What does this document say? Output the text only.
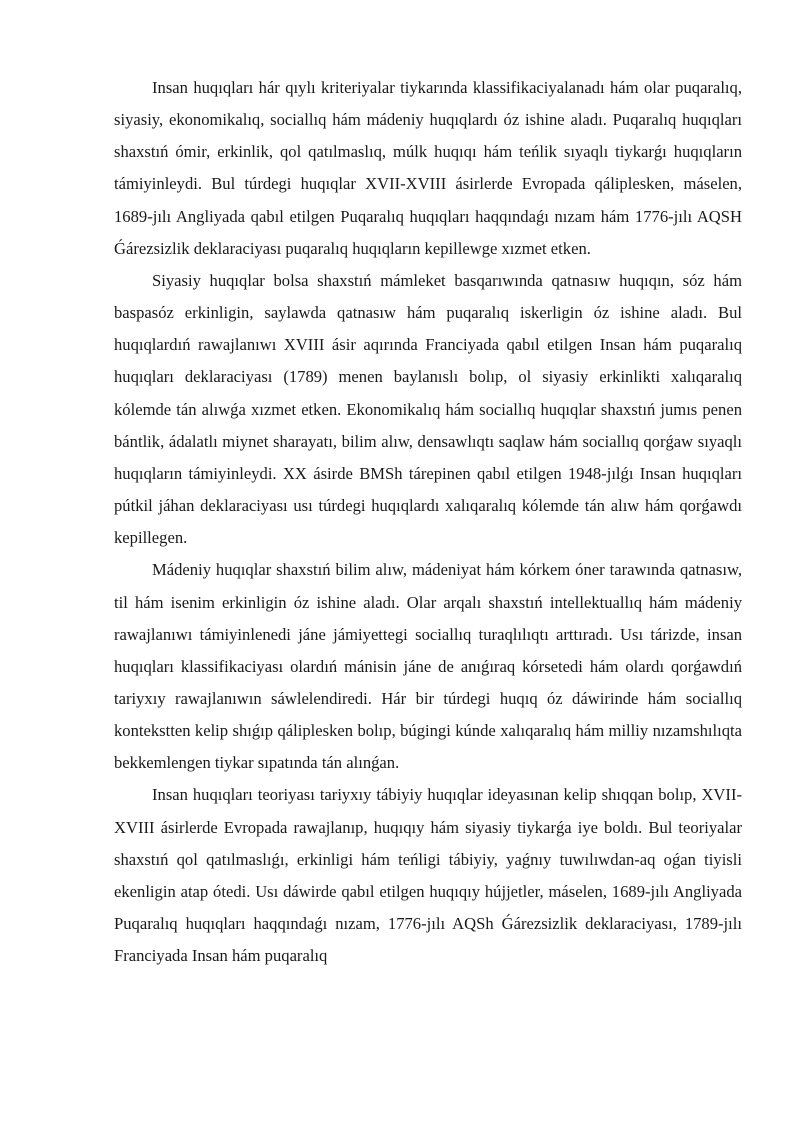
Insan huqıqları hár qıylı kriteriyalar tiykarında klassifikaciyalanadı hám olar puqaralıq, siyasiy, ekonomikalıq, sociallıq hám mádeniy huqıqlardı óz ishine aladı. Puqaralıq huqıqları shaxstıń ómir, erkinlik, qol qatılmaslıq, múlk huqıqı hám teńlik sıyaqlı tiykarǵı huqıqların támiyinleydi. Bul túrdegi huqıqlar XVII-XVIII ásirlerde Evropada qáliplesken, máselen, 1689-jılı Angliyada qabıl etilgen Puqaralıq huqıqları haqqındaǵı nızam hám 1776-jılı AQSH Ǵárezsizlik deklaraciyası puqaralıq huqıqların kepillewge xızmet etken.

Siyasiy huqıqlar bolsa shaxstıń mámleket basqarıwında qatnasıw huqıqın, sóz hám baspasóz erkinligin, saylawda qatnasıw hám puqaralıq iskerligin óz ishine aladı. Bul huqıqlardıń rawajlanıwı XVIII ásir aqırında Franciyada qabıl etilgen Insan hám puqaralıq huqıqları deklaraciyası (1789) menen baylanıslı bolıp, ol siyasiy erkinlikti xalıqaralıq kólemde tán alıwǵa xızmet etken. Ekonomikalıq hám sociallıq huqıqlar shaxstıń jumıs penen bántlik, ádalatlı miynet sharayatı, bilim alıw, densawlıqtı saqlaw hám sociallıq qorǵaw sıyaqlı huqıqların támiyinleydi. XX ásirde BMSh tárepinen qabıl etilgen 1948-jılǵı Insan huqıqları pútkil jáhan deklaraciyası usı túrdegi huqıqlardı xalıqaralıq kólemde tán alıw hám qorǵawdı kepillegen.

Mádeniy huqıqlar shaxstıń bilim alıw, mádeniyat hám kórkem óner tarawında qatnasıw, til hám isenim erkinligin óz ishine aladı. Olar arqalı shaxstıń intellektuallıq hám mádeniy rawajlanıwı támiyinlenedi jáne jámiyettegi sociallıq turaqlılıqtı arttıradı. Usı tárizde, insan huqıqları klassifikaciyası olardıń mánisin jáne de anıǵıraq kórsetedi hám olardı qorǵawdıń tariyxıy rawajlanıwın sáwlelendiredi. Hár bir túrdegi huqıq óz dáwirinde hám sociallıq kontekstten kelip shıǵıp qáliplesken bolıp, búgingi kúnde xalıqaralıq hám milliy nızamshılıqta bekkemlengen tiykar sıpatında tán alınǵan.

Insan huqıqları teoriyası tariyxıy tábiyiy huqıqlar ideyasınan kelip shıqqan bolıp, XVII-XVIII ásirlerde Evropada rawajlanıp, huqıqıy hám siyasiy tiykarǵa iye boldı. Bul teoriyalar shaxstıń qol qatılmaslıǵı, erkinligi hám teńligi tábiyiy, yaǵnıy tuwılıwdan-aq oǵan tiyisli ekenligin atap ótedi. Usı dáwirde qabıl etilgen huqıqıy hújjetler, máselen, 1689-jılı Angliyada Puqaralıq huqıqları haqqındaǵı nızam, 1776-jılı AQSh Ǵárezsizlik deklaraciyası, 1789-jılı Franciyada Insan hám puqaralıq
